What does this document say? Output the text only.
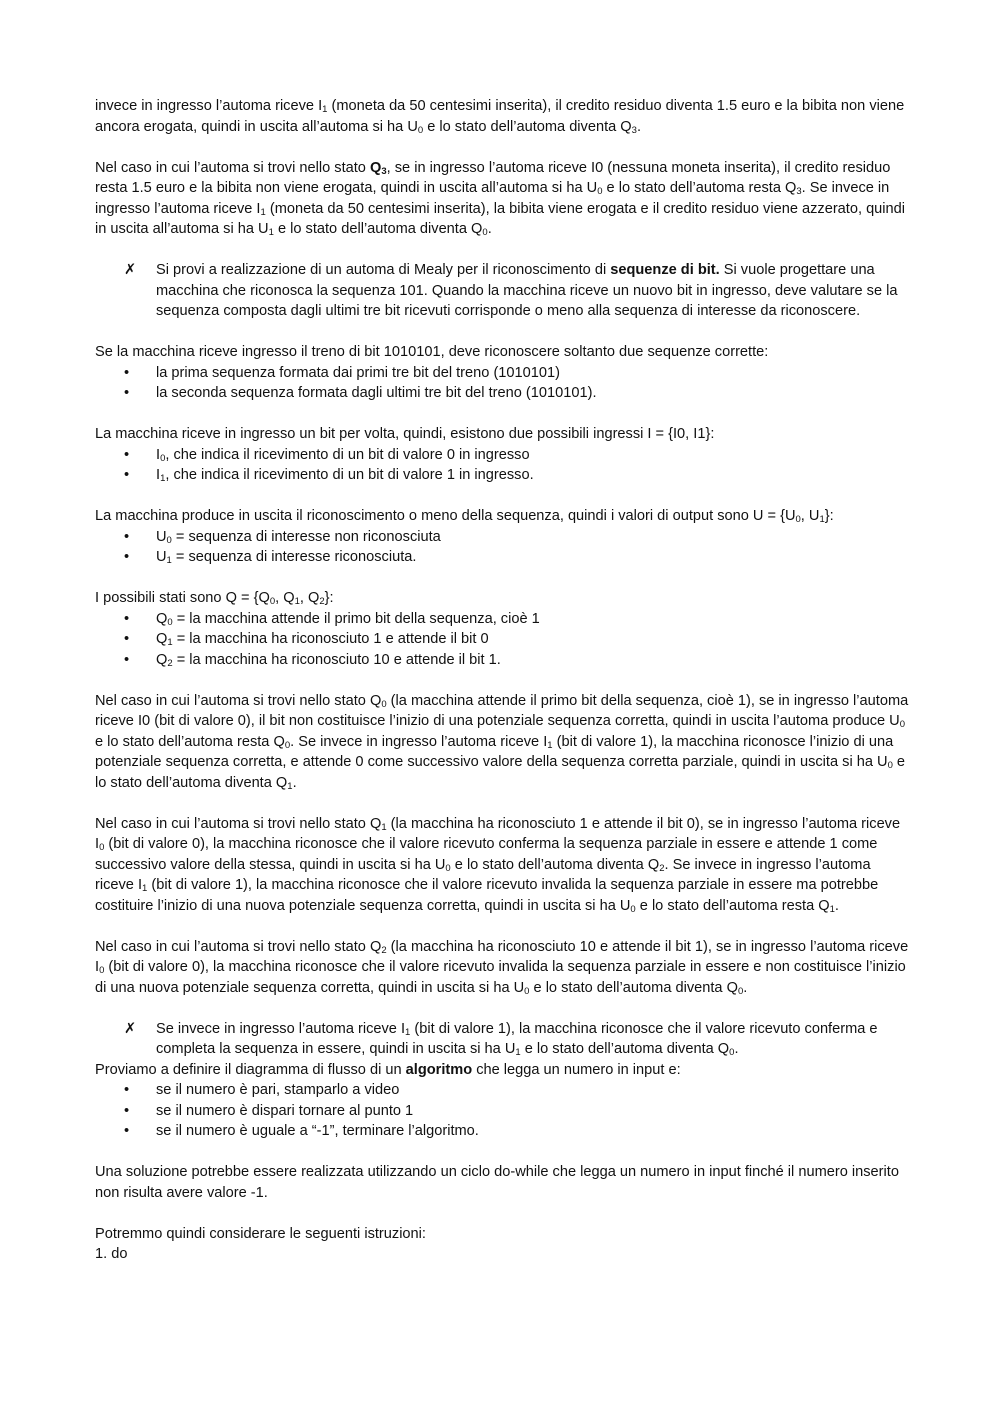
invece in ingresso l’automa riceve $I_1$ (moneta da 50 centesimi inserita), il credito residuo diventa 1.5 euro e la bibita non viene ancora erogata, quindi in uscita all’automa si ha $U_0$ e lo stato dell’automa diventa $Q_3$.

Nel caso in cui l’automa si trovi nello stato $Q_3$, se in ingresso l’automa riceve I0 (nessuna moneta inserita), il credito residuo resta 1.5 euro e la bibita non viene erogata, quindi in uscita all’automa si ha $U_0$ e lo stato dell’automa resta $Q_3$. Se invece in ingresso l’automa riceve $I_1$ (moneta da 50 centesimi inserita), la bibita viene erogata e il credito residuo viene azzerato, quindi in uscita all’automa si ha $U_1$ e lo stato dell’automa diventa $Q_0$.

✗ Si provi a realizzazione di un automa di Mealy per il riconoscimento di sequenze di bit. Si vuole progettare una macchina che riconosca la sequenza 101. Quando la macchina riceve un nuovo bit in ingresso, deve valutare se la sequenza composta dagli ultimi tre bit ricevuti corrisponde o meno alla sequenza di interesse da riconoscere.

Se la macchina riceve ingresso il treno di bit 1010101, deve riconoscere soltanto due sequenze corrette:

• la prima sequenza formata dai primi tre bit del treno (1010101)
• la seconda sequenza formata dagli ultimi tre bit del treno (1010101).

La macchina riceve in ingresso un bit per volta, quindi, esistono due possibili ingressi I = {I0, I1}:

• $I_0$, che indica il ricevimento di un bit di valore 0 in ingresso
• $I_1$, che indica il ricevimento di un bit di valore 1 in ingresso.

La macchina produce in uscita il riconoscimento o meno della sequenza, quindi i valori di output sono $U = \{U_0$, $U_1$}:

• $U_0$ = sequenza di interesse non riconosciuta
• $U_1$ = sequenza di interesse riconosciuta.

I possibili stati sono $Q = \{Q_0$, $Q_1$, $Q_2$}:

• $Q_0$ = la macchina attende il primo bit della sequenza, cioè 1
• $Q_1$ = la macchina ha riconosciuto 1 e attende il bit 0
• $Q_2$ = la macchina ha riconosciuto 10 e attende il bit 1.

Nel caso in cui l’automa si trovi nello stato $Q_0$ (la macchina attende il primo bit della sequenza, cioè 1), se in ingresso l’automa riceve I0 (bit di valore 0), il bit non costituisce l’inizio di una potenziale sequenza corretta, quindi in uscita l’automa produce $U_0$ e lo stato dell’automa resta $Q_0$. Se invece in ingresso l’automa riceve $I_1$ (bit di valore 1), la macchina riconosce l’inizio di una potenziale sequenza corretta, e attende 0 come successivo valore della sequenza corretta parziale, quindi in uscita si ha $U_0$ e lo stato dell’automa diventa $Q_1$.

Nel caso in cui l’automa si trovi nello stato $Q_1$ (la macchina ha riconosciuto 1 e attende il bit 0), se in ingresso l’automa riceve $I_0$ (bit di valore 0), la macchina riconosce che il valore ricevuto conferma la sequenza parziale in essere e attende 1 come successivo valore della stessa, quindi in uscita si ha $U_0$ e lo stato dell’automa diventa $Q_2$. Se invece in ingresso l’automa riceve $I_1$ (bit di valore 1), la macchina riconosce che il valore ricevuto invalida la sequenza parziale in essere ma potrebbe costituire l’inizio di una nuova potenziale sequenza corretta, quindi in uscita si ha $U_0$ e lo stato dell’automa resta $Q_1$.

Nel caso in cui l’automa si trovi nello stato $Q_2$ (la macchina ha riconosciuto 10 e attende il bit 1), se in ingresso l’automa riceve $I_0$ (bit di valore 0), la macchina riconosce che il valore ricevuto invalida la sequenza parziale in essere e non costituisce l’inizio di una nuova potenziale sequenza corretta, quindi in uscita si ha $U_0$ e lo stato dell’automa diventa $Q_0$.

✗ Se invece in ingresso l’automa riceve $I_1$ (bit di valore 1), la macchina riconosce che il valore ricevuto conferma e completa la sequenza in essere, quindi in uscita si ha $U_1$ e lo stato dell’automa diventa $Q_0$.

Proviamo a definire il diagramma di flusso di un algoritmo che legga un numero in input e:

• se il numero è pari, stamparlo a video
• se il numero è dispari tornare al punto 1
• se il numero è uguale a “-1”, terminare l’algoritmo.

Una soluzione potrebbe essere realizzata utilizzando un ciclo do-while che legga un numero in input finché il numero inserito non risulta avere valore -1.

Potremmo quindi considerare le seguenti istruzioni:

1. do
